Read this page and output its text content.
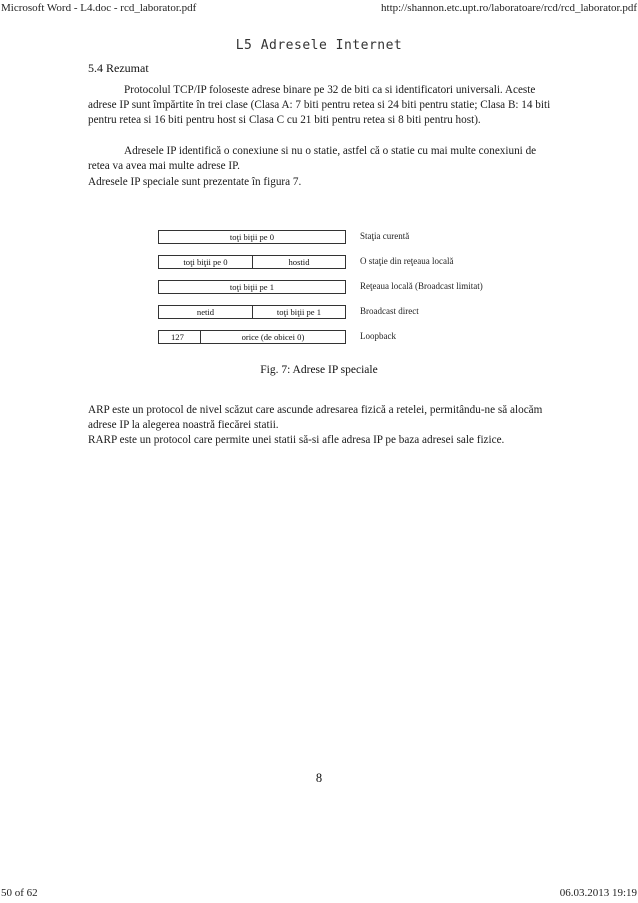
Microsoft Word - L4.doc - rcd_laborator.pdf	http://shannon.etc.upt.ro/laboratoare/rcd/rcd_laborator.pdf
L5 Adresele Internet
5.4 Rezumat
Protocolul TCP/IP foloseste adrese binare pe 32 de biti ca si identificatori universali. Aceste adrese IP sunt împărtite în trei clase (Clasa A: 7 biti pentru retea si 24 biti pentru statie; Clasa B: 14 biti pentru retea si 16 biti pentru host si Clasa C cu 21 biti pentru retea si 8 biti pentru host).
Adresele IP identifică o conexiune si nu o statie, astfel că o statie cu mai multe conexiuni de retea va avea mai multe adrese IP.
Adresele IP speciale sunt prezentate în figura 7.
toţi biţii pe 0	Staţia curentă
toţi biţii pe 0	hostid	O staţie din reţeaua locală
toţi biţii pe 1	Reţeaua locală (Broadcast limitat)
netid	toţi biţii pe 1	Broadcast direct
127	orice (de obicei 0)	Loopback
Fig. 7: Adrese IP speciale
ARP este un protocol de nivel scăzut care ascunde adresarea fizică a retelei, permitându-ne să alocăm adrese IP la alegerea noastră fiecărei statii.
RARP este un protocol care permite unei statii să-si afle adresa IP pe baza adresei sale fizice.
8
50 of 62	06.03.2013 19:19
